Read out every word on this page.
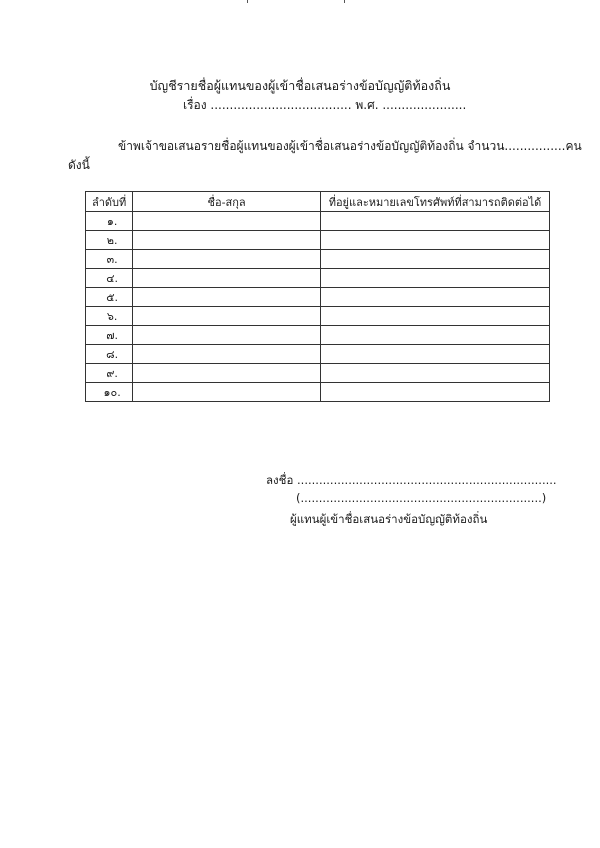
บัญชีรายชื่อผู้แทนของผู้เข้าชื่อเสนอร่างข้อบัญญัติท้องถิ่น
เรื่อง ..................................... พ.ศ. ......................
ข้าพเจ้าขอเสนอรายชื่อผู้แทนของผู้เข้าชื่อเสนอร่างข้อบัญญัติท้องถิ่น จำนวน................คน
ดังนี้
ลำดับที่	ชื่อ-สกุล	ที่อยู่และหมายเลขโทรศัพท์ที่สามารถติดต่อได้
๑.		
๒.		
๓.		
๔.		
๕.		
๖.		
๗.		
๘.		
๙.		
๑๐.		
ลงชื่อ .......................................................................
(..................................................................)
ผู้แทนผู้เข้าชื่อเสนอร่างข้อบัญญัติท้องถิ่น
